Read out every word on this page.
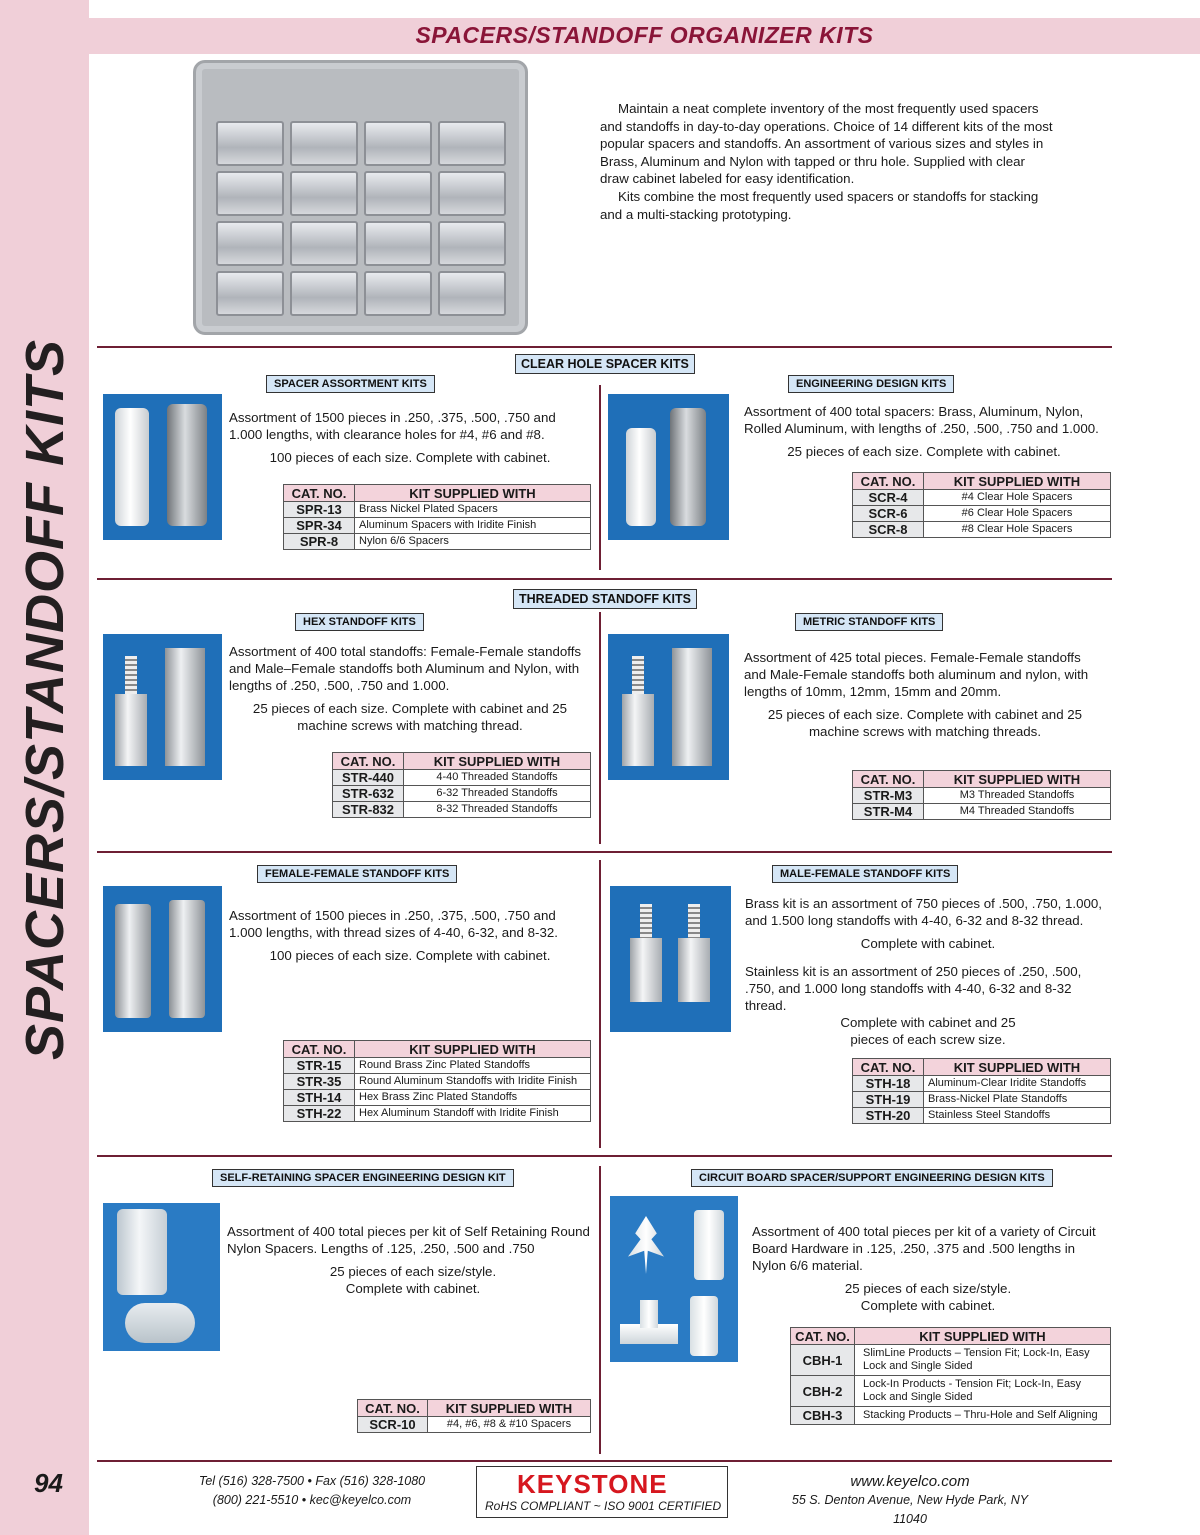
SPACERS/STANDOFF KITS
94
SPACERS/STANDOFF ORGANIZER KITS

Maintain a neat complete inventory of the most frequently used spacers and standoffs in day-to-day operations. Choice of 14 different kits of the most popular spacers and standoffs. An assortment of various sizes and styles in Brass, Aluminum and Nylon with tapped or thru hole. Supplied with clear draw cabinet labeled for easy identification.

Kits combine the most frequently used spacers or standoffs for stacking and a multi-stacking prototyping.

CLEAR HOLE SPACER KITS
THREADED STANDOFF KITS
SPACER ASSORTMENT KITS
Assortment of 1500 pieces in .250, .375, .500, .750 and 1.000 lengths, with clearance holes for #4, #6 and #8.
100 pieces of each size. Complete with cabinet.
CAT. NO.	KIT SUPPLIED WITH
SPR-13	Brass Nickel Plated Spacers
SPR-34	Aluminum Spacers with Iridite Finish
SPR-8	Nylon 6/6 Spacers
ENGINEERING DESIGN KITS
Assortment of 400 total spacers: Brass, Aluminum, Nylon, Rolled Aluminum, with lengths of .250, .500, .750 and 1.000.
25 pieces of each size. Complete with cabinet.
CAT. NO.	KIT SUPPLIED WITH
SCR-4	#4 Clear Hole Spacers
SCR-6	#6 Clear Hole Spacers
SCR-8	#8 Clear Hole Spacers
HEX STANDOFF KITS
Assortment of 400 total standoffs: Female-Female standoffs and Male–Female standoffs both Aluminum and Nylon, with lengths of .250, .500, .750 and 1.000.
25 pieces of each size. Complete with cabinet and 25 machine screws with matching thread.
CAT. NO.	KIT SUPPLIED WITH
STR-440	4-40 Threaded Standoffs
STR-632	6-32 Threaded Standoffs
STR-832	8-32 Threaded Standoffs
METRIC STANDOFF KITS
Assortment of 425 total pieces. Female-Female standoffs and Male-Female standoffs both aluminum and nylon, with lengths of 10mm, 12mm, 15mm and 20mm.
25 pieces of each size. Complete with cabinet and 25 machine screws with matching threads.
CAT. NO.	KIT SUPPLIED WITH
STR-M3	M3 Threaded Standoffs
STR-M4	M4 Threaded Standoffs
FEMALE-FEMALE STANDOFF KITS
Assortment of 1500 pieces in .250, .375, .500, .750 and 1.000 lengths, with thread sizes of 4-40, 6-32, and 8-32.
100 pieces of each size. Complete with cabinet.
CAT. NO.	KIT SUPPLIED WITH
STR-15	Round Brass Zinc Plated Standoffs
STR-35	Round Aluminum Standoffs with Iridite Finish
STH-14	Hex Brass Zinc Plated Standoffs
STH-22	Hex Aluminum Standoff with Iridite Finish
MALE-FEMALE STANDOFF KITS
Brass kit is an assortment of 750 pieces of .500, .750, 1.000, and 1.500 long standoffs with 4-40, 6-32 and 8-32 thread.
Complete with cabinet.
Stainless kit is an assortment of 250 pieces of .250, .500, .750, and 1.000 long standoffs with 4-40, 6-32 and 8-32 thread.
Complete with cabinet and 25 pieces of each screw size.
CAT. NO.	KIT SUPPLIED WITH
STH-18	Aluminum-Clear Iridite Standoffs
STH-19	Brass-Nickel Plate Standoffs
STH-20	Stainless Steel Standoffs
SELF-RETAINING SPACER ENGINEERING DESIGN KIT
Assortment of 400 total pieces per kit of Self Retaining Round Nylon Spacers. Lengths of .125, .250, .500 and .750
25 pieces of each size/style. Complete with cabinet.
CAT. NO.	KIT SUPPLIED WITH
SCR-10	#4, #6, #8 & #10 Spacers
CIRCUIT BOARD SPACER/SUPPORT ENGINEERING DESIGN KITS
Assortment of 400 total pieces per kit of a variety of Circuit Board Hardware in .125, .250, .375 and .500 lengths in Nylon 6/6 material.
25 pieces of each size/style. Complete with cabinet.
CAT. NO.	KIT SUPPLIED WITH
CBH-1	SlimLine Products – Tension Fit; Lock-In, Easy Lock and Single Sided
CBH-2	Lock-In Products - Tension Fit; Lock-In, Easy Lock and Single Sided
CBH-3	Stacking Products – Thru-Hole and Self Aligning
Tel (516) 328-7500 • Fax (516) 328-1080
(800) 221-5510 • kec@keyelco.com
KEYSTONE
RoHS COMPLIANT ~ ISO 9001 CERTIFIED
www.keyelco.com
55 S. Denton Avenue, New Hyde Park, NY 11040
